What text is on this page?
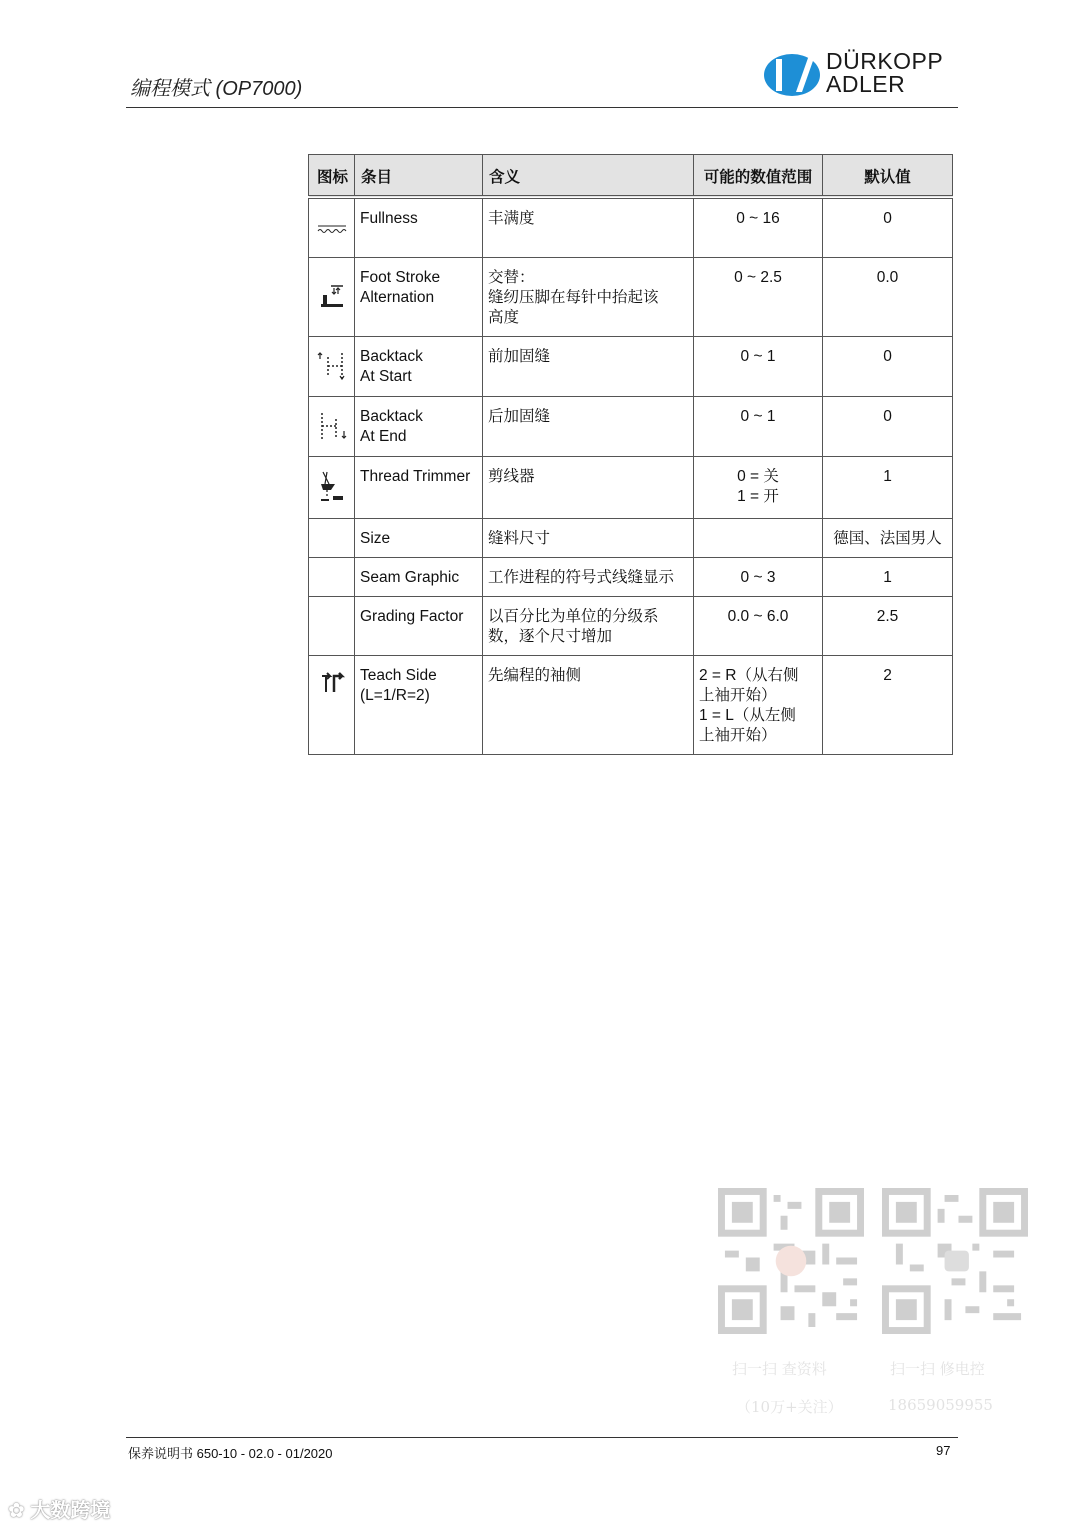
编程模式 (OP7000)
DÜRKOPP
ADLER
图标	条目	含义	可能的数值范围	默认值

	Fullness	丰满度	0 ~ 16	0

	Foot Stroke Alternation	交替：
缝纫压脚在每针中抬起该
高度	0 ~ 2.5	0.0

	Backtack
At Start	前加固缝	0 ~ 1	0

	Backtack
At End	后加固缝	0 ~ 1	0

	Thread Trimmer	剪线器	0 = 关
1 = 开	1
	Size	缝料尺寸		德国、法国男人
	Seam Graphic	工作进程的符号式线缝显示	0 ~ 3	1
	Grading Factor	以百分比为单位的分级系
数，逐个尺寸增加	0.0 ~ 6.0	2.5

	Teach Side
(L=1/R=2)	先编程的袖侧	2 = R（从右侧
上袖开始）
1 = L（从左侧
上袖开始）	2
扫一扫 查资料
（10万+关注）
扫一扫 修电控
18659059955
保养说明书 650-10 - 02.0 - 01/2020	97
✿ 大数跨境
